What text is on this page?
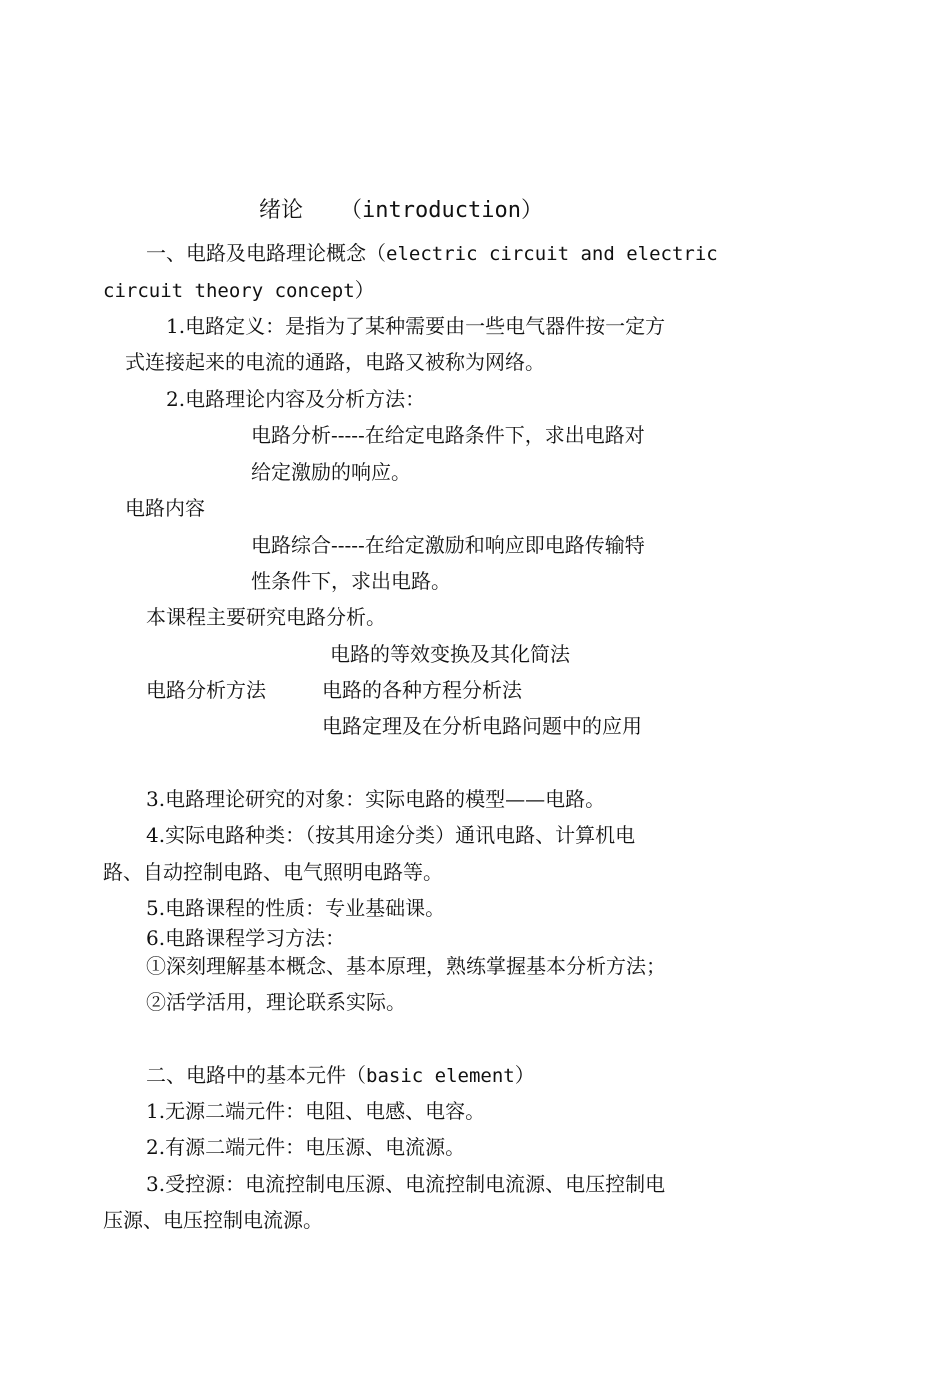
绪论 （introduction）
一、电路及电路理论概念（electric circuit and electric
circuit theory concept）
1.电路定义：是指为了某种需要由一些电气器件按一定方
式连接起来的电流的通路，电路又被称为网络。
2.电路理论内容及分析方法：
电路分析-----在给定电路条件下，求出电路对
给定激励的响应。
电路内容
电路综合-----在给定激励和响应即电路传输特
性条件下，求出电路。
本课程主要研究电路分析。
电路的等效变换及其化简法
电路分析方法	电路的各种方程分析法
电路定理及在分析电路问题中的应用
3.电路理论研究的对象：实际电路的模型——电路。
4.实际电路种类：（按其用途分类）通讯电路、计算机电
路、自动控制电路、电气照明电路等。
5.电路课程的性质：专业基础课。
6.电路课程学习方法：
①深刻理解基本概念、基本原理，熟练掌握基本分析方法；
②活学活用，理论联系实际。
二、电路中的基本元件（basic element）
1.无源二端元件：电阻、电感、电容。
2.有源二端元件：电压源、电流源。
3.受控源：电流控制电压源、电流控制电流源、电压控制电
压源、电压控制电流源。
